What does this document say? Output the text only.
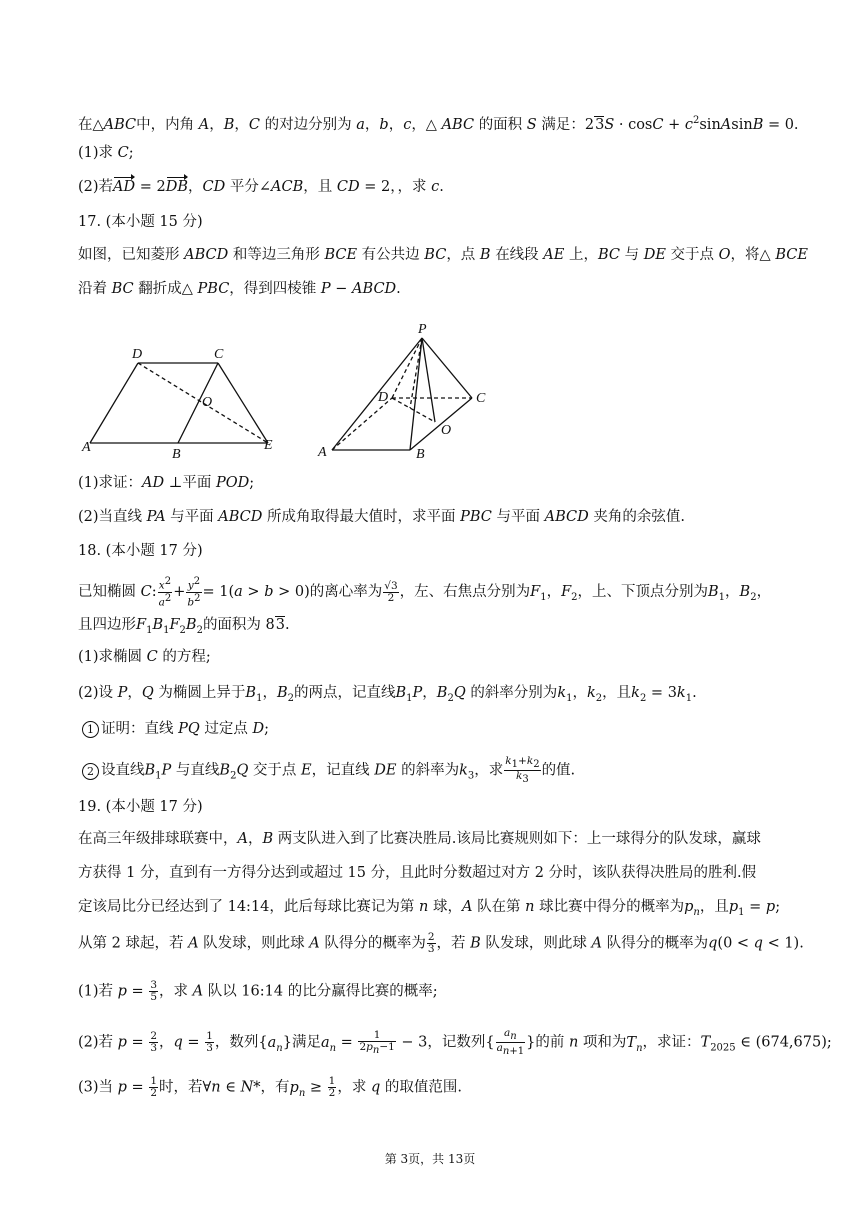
在△ABC中，内角 A，B，C 的对边分别为 a，b，c，△ ABC 的面积 S 满足：$23S \cdot \cos C + c^2sinAsinB = 0$.
(1)求 C;
(2)若AD = 2DB，CD 平分∠ACB，且 CD = 2，，求 c.
17. (本小题 15 分)
如图，已知菱形 ABCD 和等边三角形 BCE 有公共边 BC，点 B 在线段 AE 上，BC 与 DE 交于点 O，将△ BCE
沿着 BC 翻折成△ PBC，得到四棱锥 P − ABCD.
D	C
O
A	B
E
P
D	C
O
A	B
(1)求证：AD ⊥平面 POD;
(2)当直线 PA 与平面 ABCD 所成角取得最大值时，求平面 PBC 与平面 ABCD 夹角的余弦值.
18. (本小题 17 分)
已知椭圆 C: $\frac{x^2}{a^2} + \frac{y^2}{b^2} = 1(a > b > 0)$的离心率为 $\frac{√3}{2}$ ，左、右焦点分别为$F_1$，$F_2$，上、下顶点分别为$B_1$，$B_2$，
且四边形$F_1B_1F_2B_2$的面积为 83.
(1)求椭圆 C 的方程;
(2)设 P，Q 为椭圆上异于$B_1$，$B_2$的两点，记直线$B_1P$，$B_2Q$ 的斜率分别为$k_1$，$k_2$，且$k_2 = 3k_1$.
1 证明：直线 PQ 过定点 D;
2 设直线$B_1P$ 与直线$B_2Q$ 交于点 E，记直线 DE 的斜率为$k_3$，求 $\frac{k_1+k_2}{k_3}$ 的值.
19. (本小题 17 分)
在高三年级排球联赛中，A，B 两支队进入到了比赛决胜局.该局比赛规则如下：上一球得分的队发球，赢球
方获得 1 分，直到有一方得分达到或超过 15 分，且此时分数超过对方 2 分时，该队获得决胜局的胜利.假
定该局比分已经达到了 14:14，此后每球比赛记为第 n 球，A 队在第 n 球比赛中得分的概率为$p_n$，且$p_1 = p$;
从第 2 球起，若 A 队发球，则此球 A 队得分的概率为 $\frac{2}{3}$ ，若 B 队发球，则此球 A 队得分的概率为q(0 < q < 1).
(1)若 $p = \frac{3}{5}$ ，求 A 队以 16:14 的比分赢得比赛的概率;
(2)若 $p = \frac{2}{3}$ ，$q = \frac{1}{3}$ ，数列$\{a_n\}$满足$a_n = \frac{1}{2p_n-1} - 3$，记数列{ $\frac{a_n}{a_{n+1}}$ }的前 n 项和为$T_n$，求证：$T_{2025}$ ∈ (674,675);
(3)当 $p = \frac{1}{2}$ 时，若∀n ∈ N*，有$p_n \ge \frac{1}{2}$ ，求 q 的取值范围.
第 3页，共 13页
